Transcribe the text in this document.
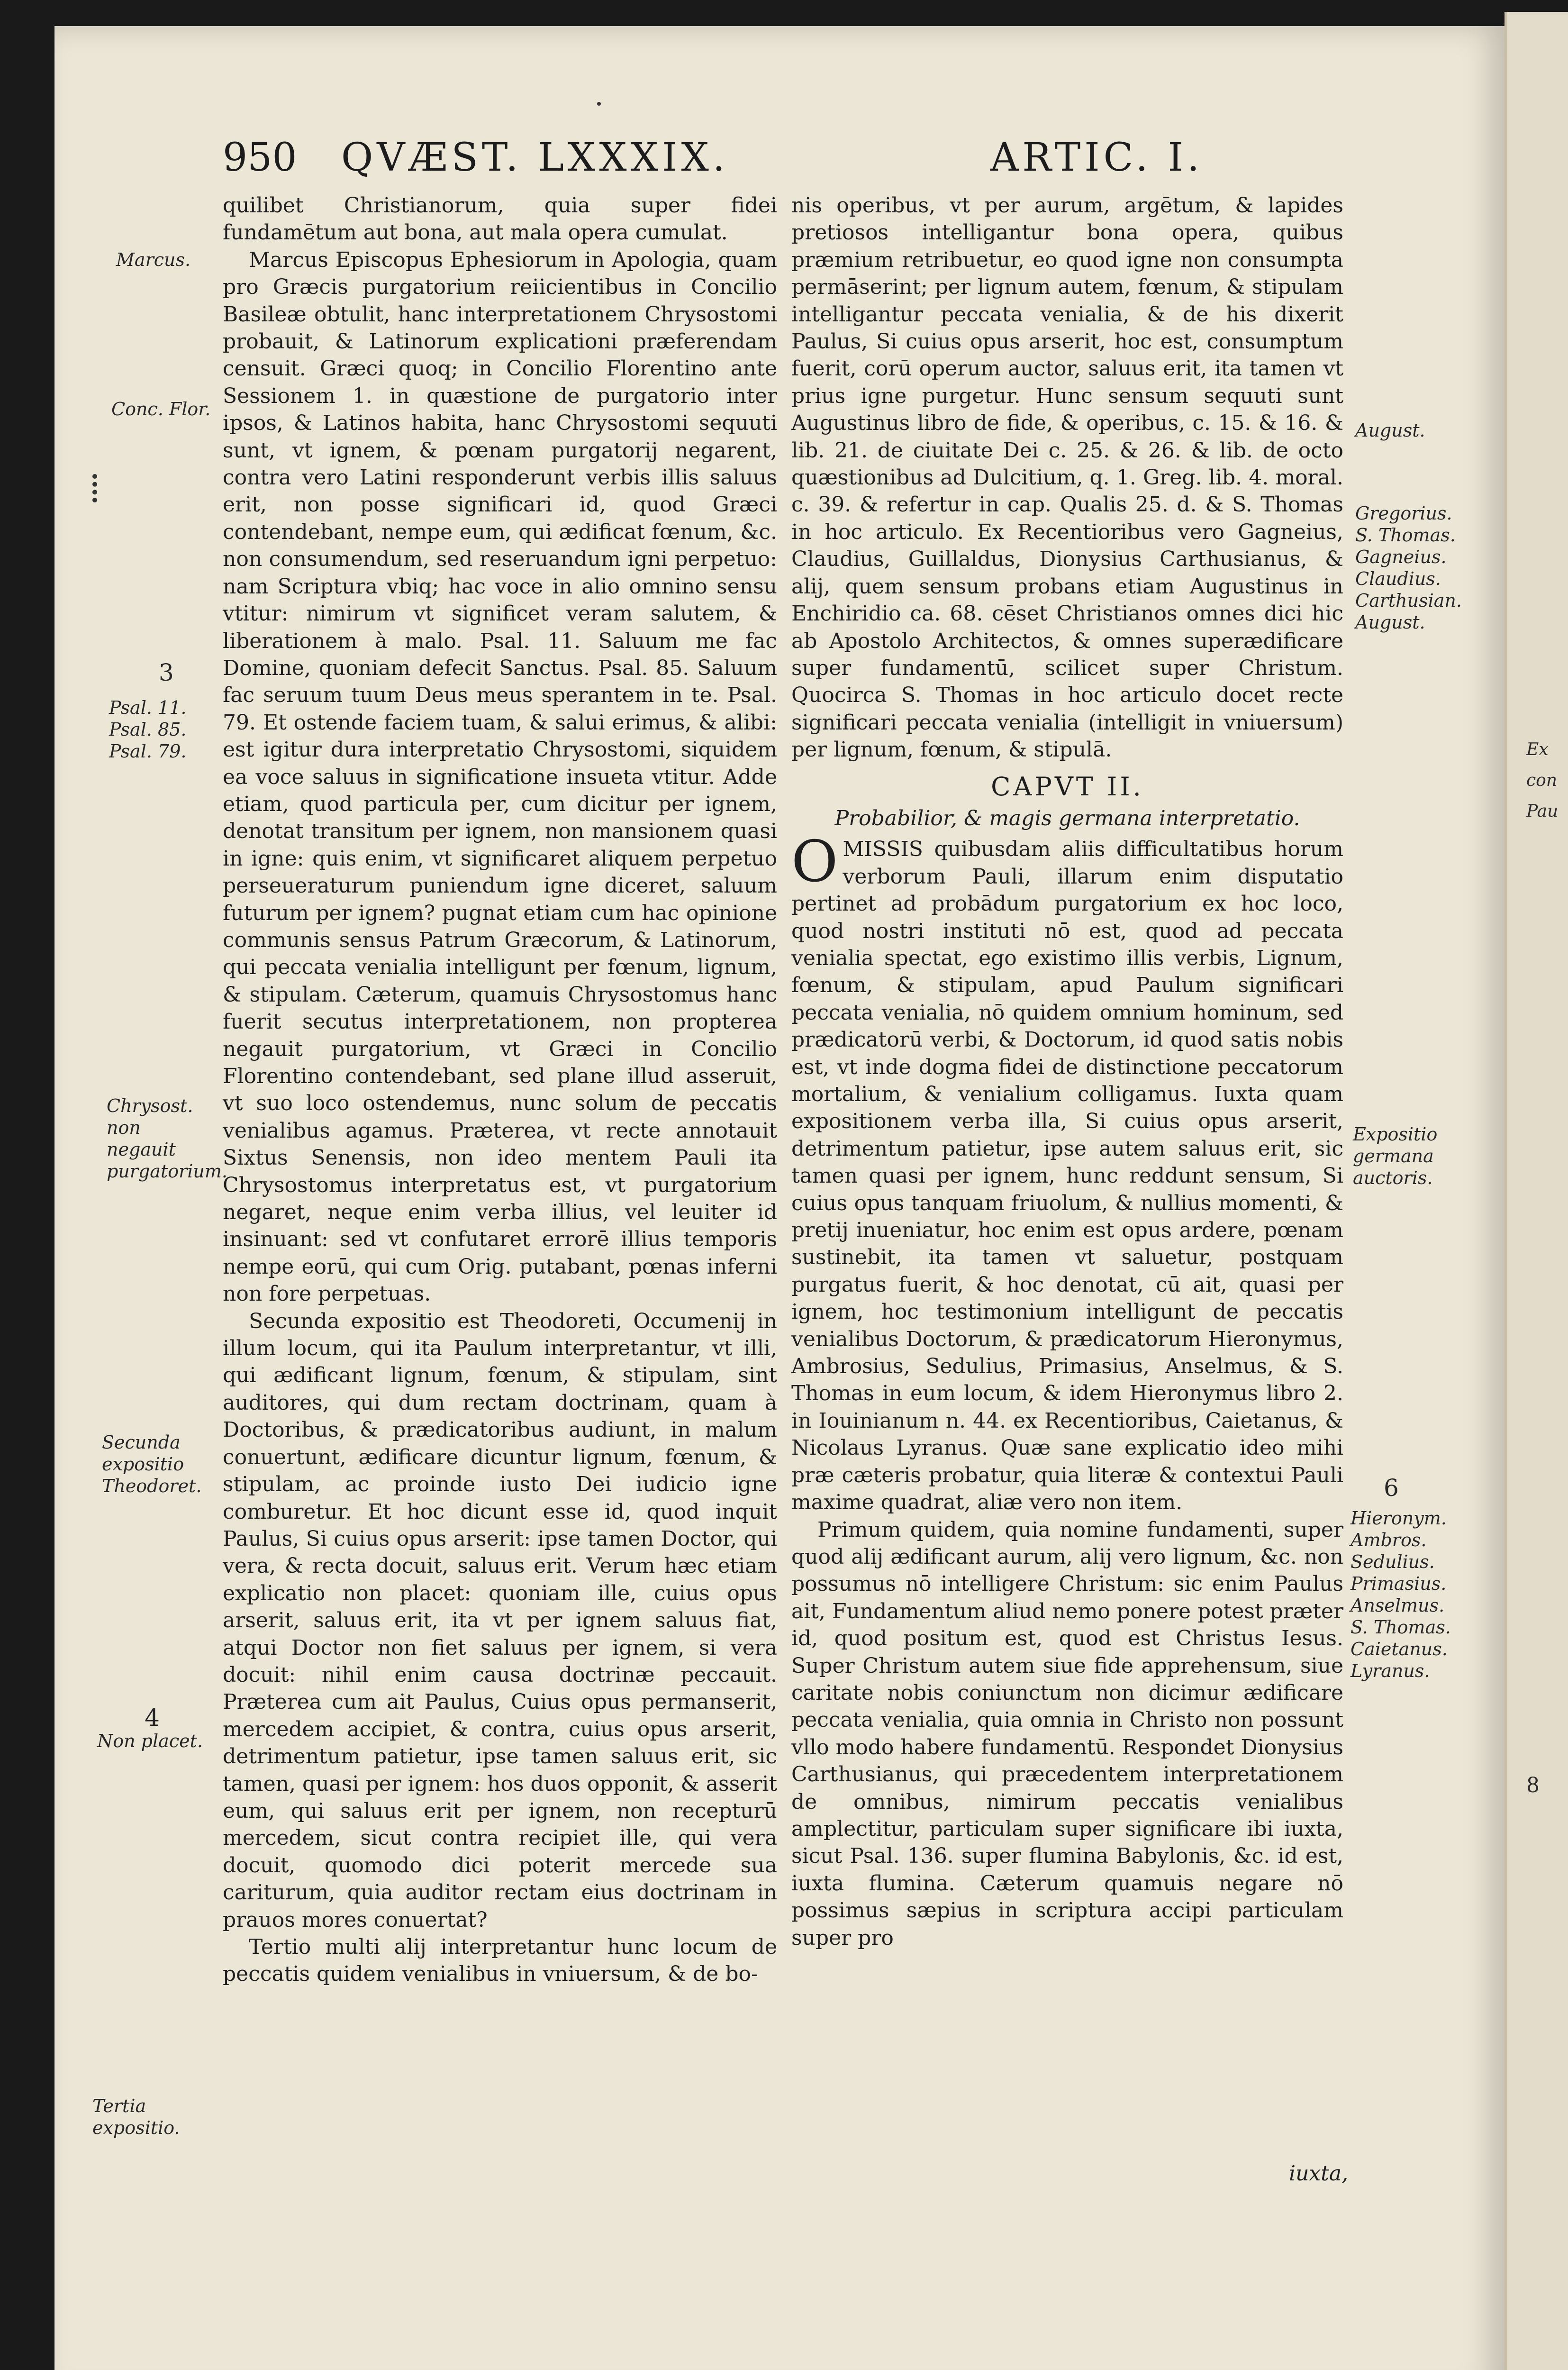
Ex
con
Pau
8
950 QVÆST. LXXXIX.	ARTIC. I.

quilibet Christianorum, quia super fidei fundamētum aut bona, aut mala opera cumulat.

Marcus Episcopus Ephesiorum in Apologia, quam pro Græcis purgatorium reiicientibus in Concilio Basileæ obtulit, hanc interpretationem Chrysostomi probauit, & Latinorum explicationi præferendam censuit. Græci quoq; in Concilio Florentino ante Sessionem 1. in quæstione de purgatorio inter ipsos, & Latinos habita, hanc Chrysostomi sequuti sunt, vt ignem, & pœnam purgatorij negarent, contra vero Latini responderunt verbis illis saluus erit, non posse significari id, quod Græci contendebant, nempe eum, qui ædificat fœnum, &c. non consumendum, sed reseruandum igni perpetuo: nam Scriptura vbiq; hac voce in alio omnino sensu vtitur: nimirum vt significet veram salutem, & liberationem à malo. Psal. 11. Saluum me fac Domine, quoniam defecit Sanctus. Psal. 85. Saluum fac seruum tuum Deus meus sperantem in te. Psal. 79. Et ostende faciem tuam, & salui erimus, & alibi: est igitur dura interpretatio Chrysostomi, siquidem ea voce saluus in significatione insueta vtitur. Adde etiam, quod particula per, cum dicitur per ignem, denotat transitum per ignem, non mansionem quasi in igne: quis enim, vt significaret aliquem perpetuo perseueraturum puniendum igne diceret, saluum futurum per ignem? pugnat etiam cum hac opinione communis sensus Patrum Græcorum, & Latinorum, qui peccata venialia intelligunt per fœnum, lignum, & stipulam. Cæterum, quamuis Chrysostomus hanc fuerit secutus interpretationem, non propterea negauit purgatorium, vt Græci in Concilio Florentino contendebant, sed plane illud asseruit, vt suo loco ostendemus, nunc solum de peccatis venialibus agamus. Præterea, vt recte annotauit Sixtus Senensis, non ideo mentem Pauli ita Chrysostomus interpretatus est, vt purgatorium negaret, neque enim verba illius, vel leuiter id insinuant: sed vt confutaret errorē illius temporis nempe eorū, qui cum Orig. putabant, pœnas inferni non fore perpetuas.

Secunda expositio est Theodoreti, Occumenij in illum locum, qui ita Paulum interpretantur, vt illi, qui ædificant lignum, fœnum, & stipulam, sint auditores, qui dum rectam doctrinam, quam à Doctoribus, & prædicatoribus audiunt, in malum conuertunt, ædificare dicuntur lignum, fœnum, & stipulam, ac proinde iusto Dei iudicio igne comburetur. Et hoc dicunt esse id, quod inquit Paulus, Si cuius opus arserit: ipse tamen Doctor, qui vera, & recta docuit, saluus erit. Verum hæc etiam explicatio non placet: quoniam ille, cuius opus arserit, saluus erit, ita vt per ignem saluus fiat, atqui Doctor non fiet saluus per ignem, si vera docuit: nihil enim causa doctrinæ peccauit. Præterea cum ait Paulus, Cuius opus permanserit, mercedem accipiet, & contra, cuius opus arserit, detrimentum patietur, ipse tamen saluus erit, sic tamen, quasi per ignem: hos duos opponit, & asserit eum, qui saluus erit per ignem, non recepturū mercedem, sicut contra recipiet ille, qui vera docuit, quomodo dici poterit mercede sua cariturum, quia auditor rectam eius doctrinam in prauos mores conuertat?

Tertio multi alij interpretantur hunc locum de peccatis quidem venialibus in vniuersum, & de bo-

nis operibus, vt per aurum, argētum, & lapides pretiosos intelligantur bona opera, quibus præmium retribuetur, eo quod igne non consumpta permāserint; per lignum autem, fœnum, & stipulam intelligantur peccata venialia, & de his dixerit Paulus, Si cuius opus arserit, hoc est, consumptum fuerit, corū operum auctor, saluus erit, ita tamen vt prius igne purgetur. Hunc sensum sequuti sunt Augustinus libro de fide, & operibus, c. 15. & 16. & lib. 21. de ciuitate Dei c. 25. & 26. & lib. de octo quæstionibus ad Dulcitium, q. 1. Greg. lib. 4. moral. c. 39. & refertur in cap. Qualis 25. d. & S. Thomas in hoc articulo. Ex Recentioribus vero Gagneius, Claudius, Guillaldus, Dionysius Carthusianus, & alij, quem sensum probans etiam Augustinus in Enchiridio ca. 68. cēset Christianos omnes dici hic ab Apostolo Architectos, & omnes superædificare super fundamentū, scilicet super Christum. Quocirca S. Thomas in hoc articulo docet recte significari peccata venialia (intelligit in vniuersum) per lignum, fœnum, & stipulā.

CAPVT II.

Probabilior, & magis germana interpretatio.

OMISSIS quibusdam aliis difficultatibus horum verborum Pauli, illarum enim disputatio pertinet ad probādum purgatorium ex hoc loco, quod nostri instituti nō est, quod ad peccata venialia spectat, ego existimo illis verbis, Lignum, fœnum, & stipulam, apud Paulum significari peccata venialia, nō quidem omnium hominum, sed prædicatorū verbi, & Doctorum, id quod satis nobis est, vt inde dogma fidei de distinctione peccatorum mortalium, & venialium colligamus. Iuxta quam expositionem verba illa, Si cuius opus arserit, detrimentum patietur, ipse autem saluus erit, sic tamen quasi per ignem, hunc reddunt sensum, Si cuius opus tanquam friuolum, & nullius momenti, & pretij inueniatur, hoc enim est opus ardere, pœnam sustinebit, ita tamen vt saluetur, postquam purgatus fuerit, & hoc denotat, cū ait, quasi per ignem, hoc testimonium intelligunt de peccatis venialibus Doctorum, & prædicatorum Hieronymus, Ambrosius, Sedulius, Primasius, Anselmus, & S. Thomas in eum locum, & idem Hieronymus libro 2. in Iouinianum n. 44. ex Recentioribus, Caietanus, & Nicolaus Lyranus. Quæ sane explicatio ideo mihi præ cæteris probatur, quia literæ & contextui Pauli maxime quadrat, aliæ vero non item.

Primum quidem, quia nomine fundamenti, super quod alij ædificant aurum, alij vero lignum, &c. non possumus nō intelligere Christum: sic enim Paulus ait, Fundamentum aliud nemo ponere potest præter id, quod positum est, quod est Christus Iesus. Super Christum autem siue fide apprehensum, siue caritate nobis coniunctum non dicimur ædificare peccata venialia, quia omnia in Christo non possunt vllo modo habere fundamentū. Respondet Dionysius Carthusianus, qui præcedentem interpretationem de omnibus, nimirum peccatis venialibus amplectitur, particulam super significare ibi iuxta, sicut Psal. 136. super flumina Babylonis, &c. id est, iuxta flumina. Cæterum quamuis negare nō possimus sæpius in scriptura accipi particulam super pro

iuxta,
Marcus.
Conc. Flor.
3
Psal. 11. Psal. 85. Psal. 79.
Chrysost. non negauit purgatorium.
Secunda expositio Theodoret.
4
Non placet.
Tertia expositio.
August.
Gregorius. S. Thomas. Gagneius. Claudius. Carthusian. August.
Expositio germana auctoris.
6
Hieronym. Ambros. Sedulius. Primasius. Anselmus. S. Thomas. Caietanus. Lyranus.
